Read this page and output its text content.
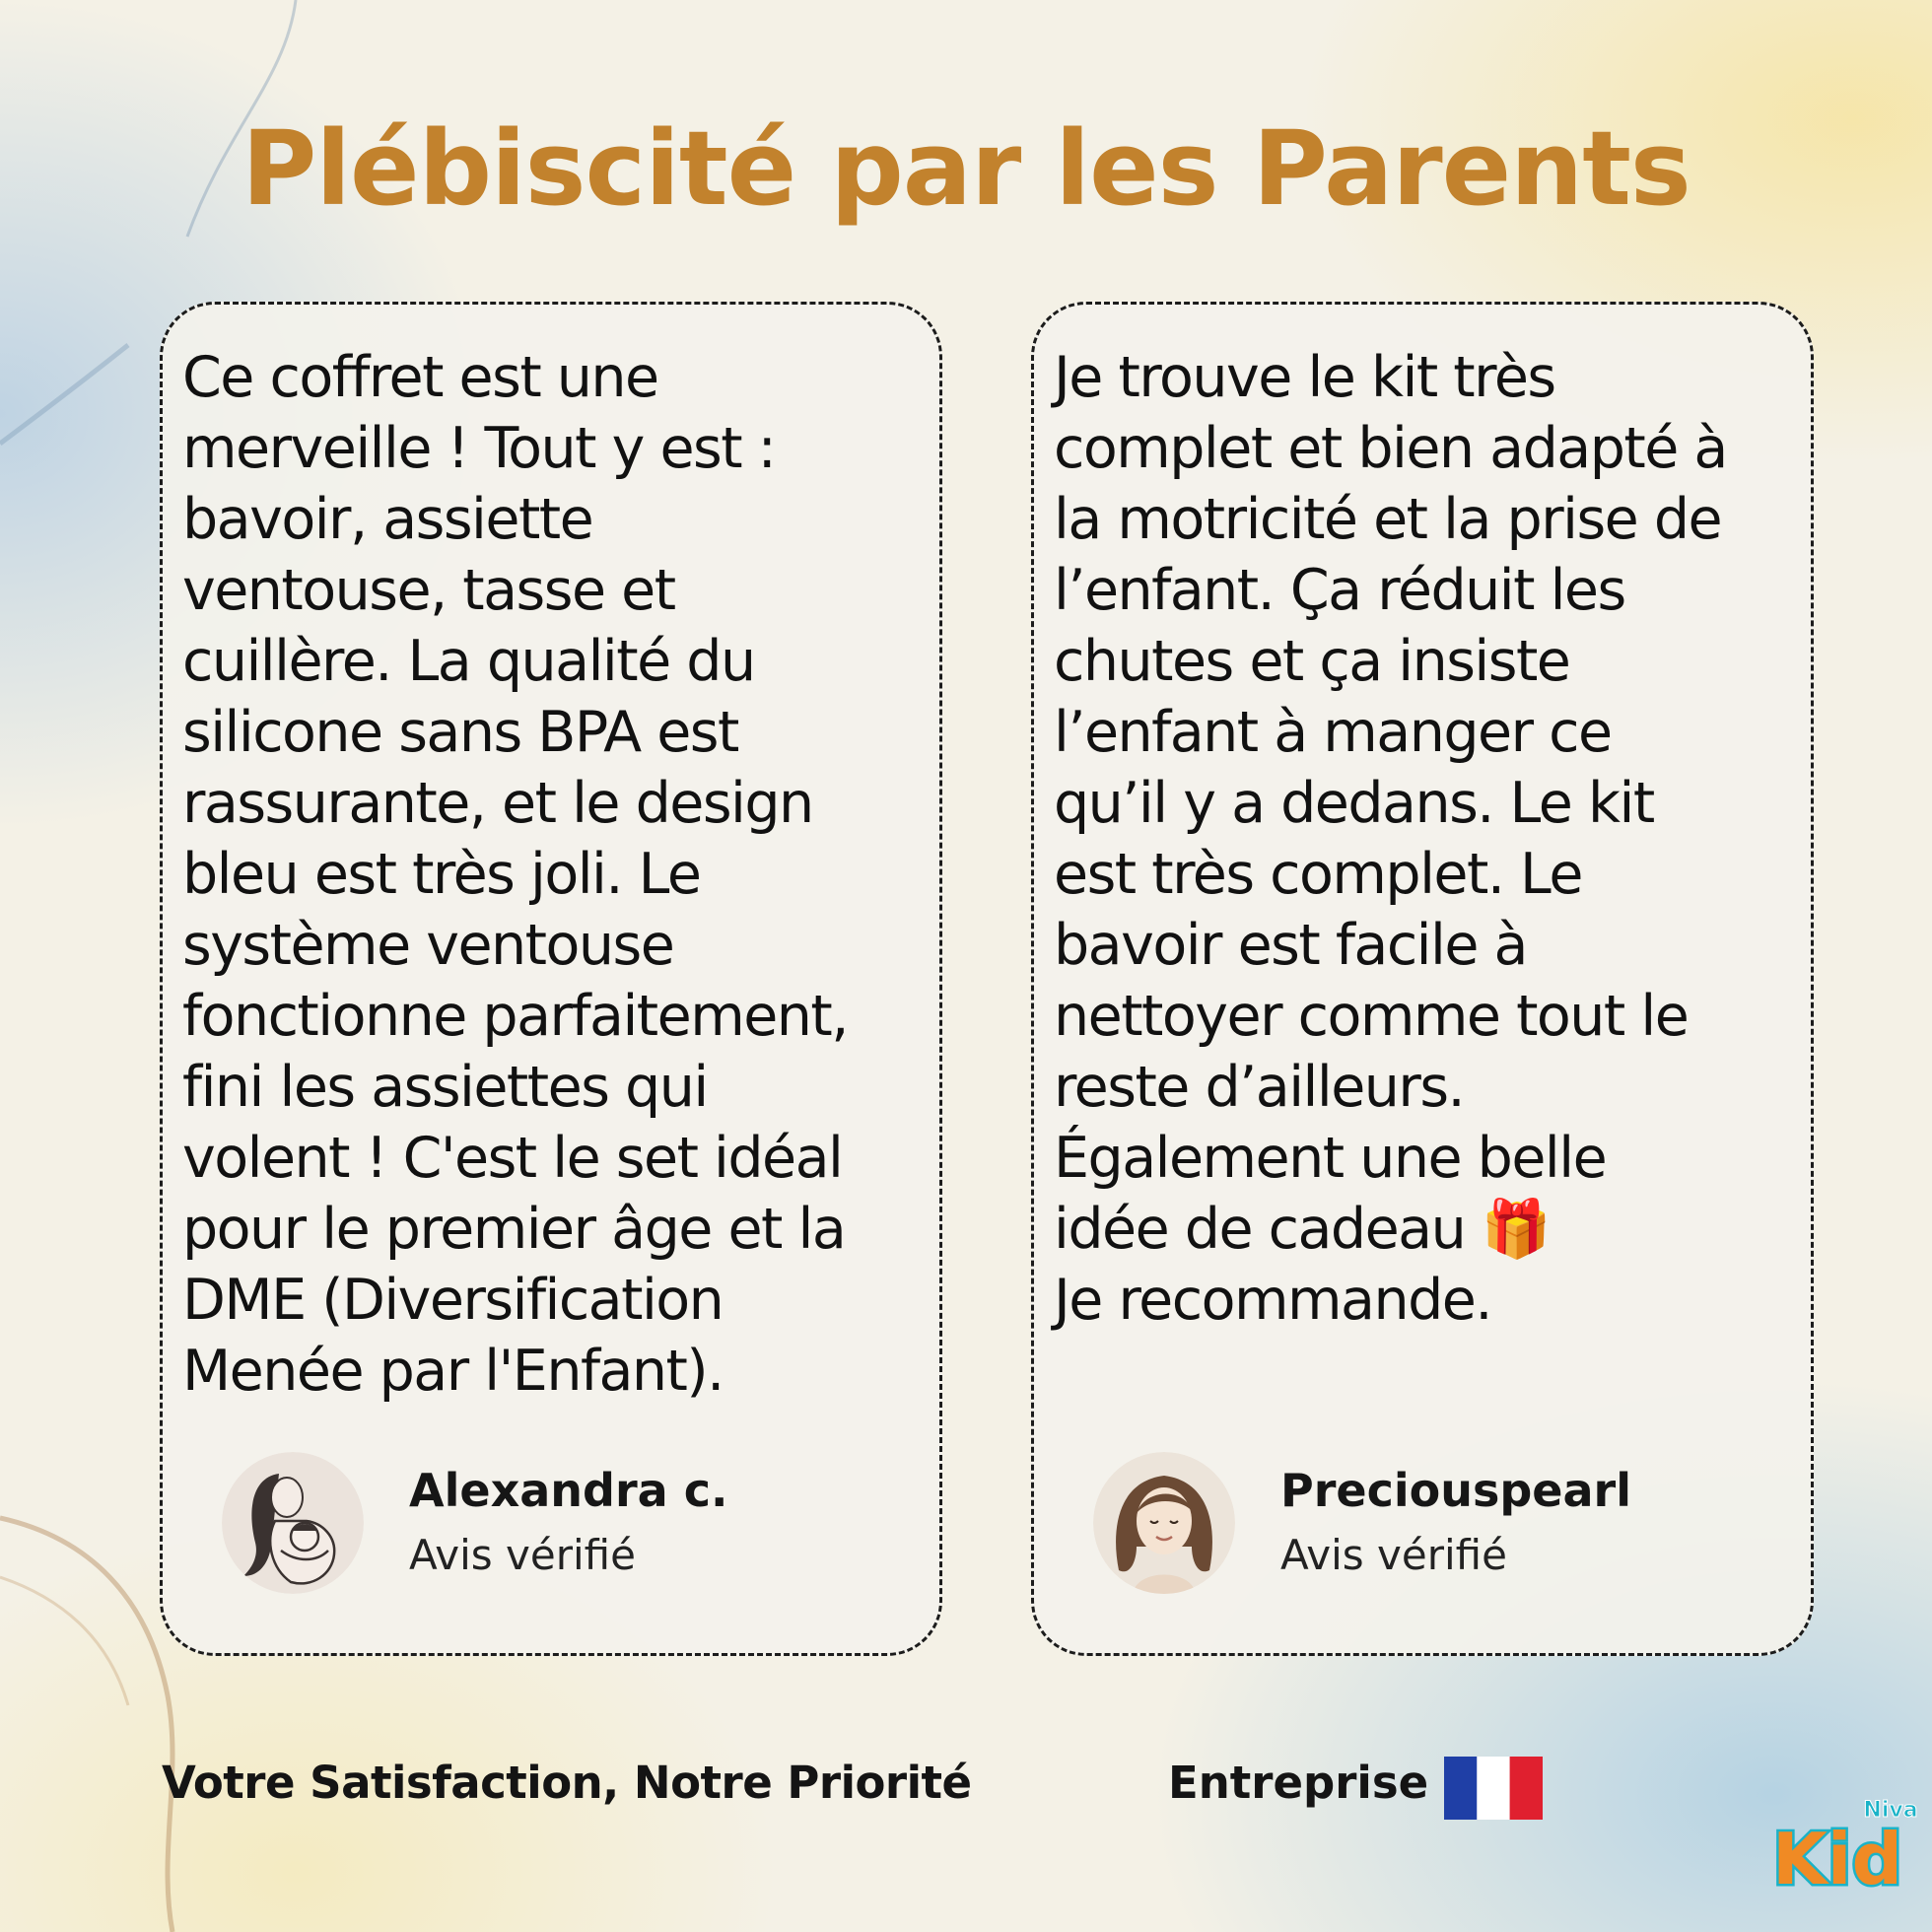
Plébiscité par les Parents

Ce coffret est une
merveille ! Tout y est :
bavoir, assiette
ventouse, tasse et
cuillère. La qualité du
silicone sans BPA est
rassurante, et le design
bleu est très joli. Le
système ventouse
fonctionne parfaitement,
fini les assiettes qui
volent ! C'est le set idéal
pour le premier âge et la
DME (Diversification
Menée par l'Enfant).

Alexandra c.
Avis vérifié

Je trouve le kit très
complet et bien adapté à
la motricité et la prise de
l’enfant. Ça réduit les
chutes et ça insiste
l’enfant à manger ce
qu’il y a dedans. Le kit
est très complet. Le
bavoir est facile à
nettoyer comme tout le
reste d’ailleurs.
Également une belle
idée de cadeau 🎁
Je recommande.

Preciouspearl
Avis vérifié
Votre Satisfaction, Notre Priorité	Entreprise
Niva
Kid
